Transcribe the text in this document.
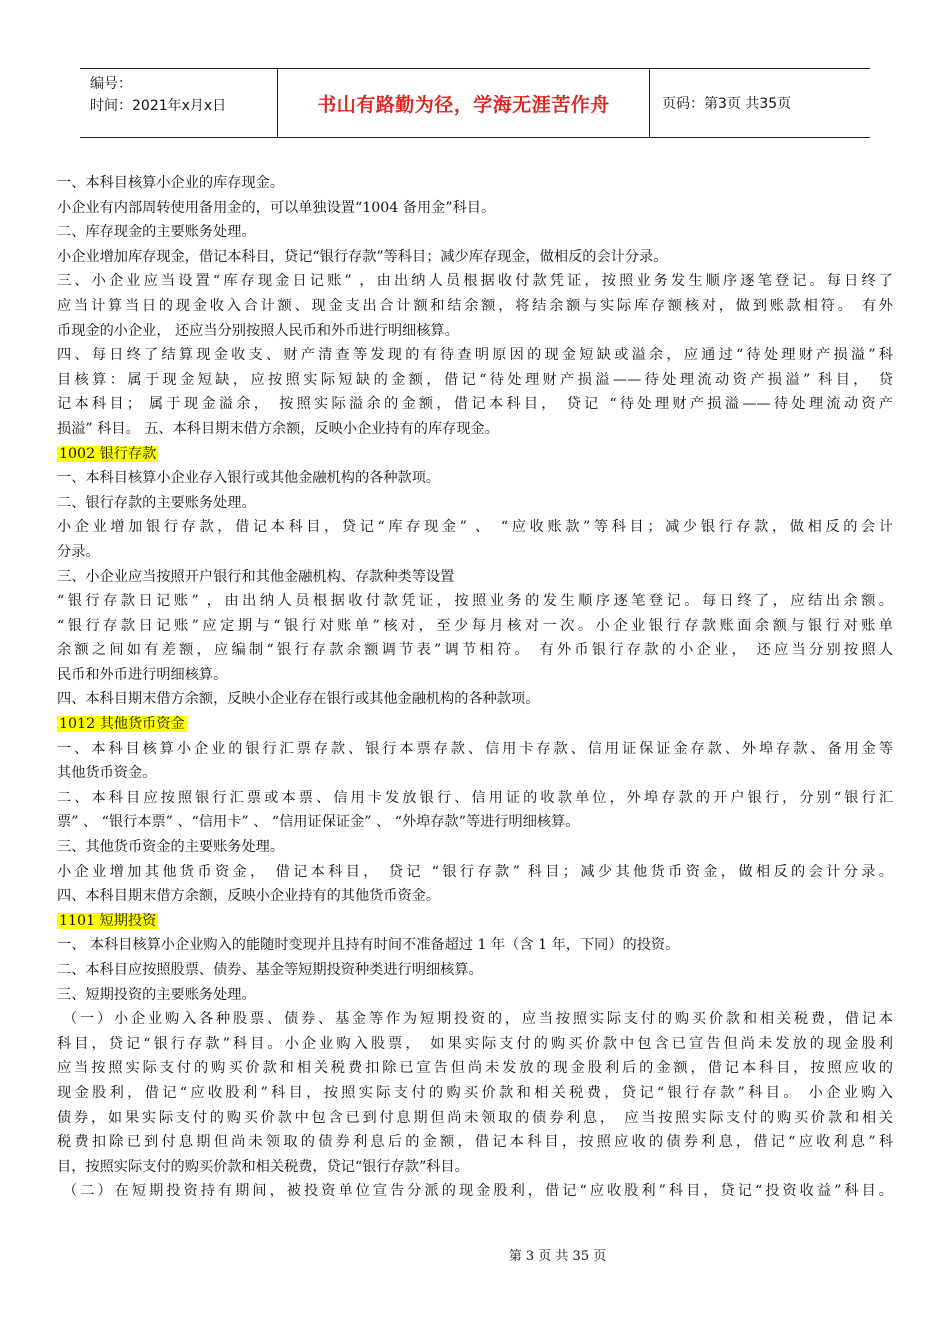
编号：
时间：2021年x月x日	书山有路勤为径，学海无涯苦作舟	页码：第3页 共35页
一、本科目核算小企业的库存现金。
小企业有内部周转使用备用金的，可以单独设置“1004 备用金”科目。
二、库存现金的主要账务处理。
小企业增加库存现金，借记本科目，贷记“银行存款”等科目；减少库存现金，做相反的会计分录。
三、小企业应当设置“库存现金日记账” ，由出纳人员根据收付款凭证，按照业务发生顺序逐笔登记。每日终了
应当计算当日的现金收入合计额、现金支出合计额和结余额，将结余额与实际库存额核对，做到账款相符。 有外
币现金的小企业， 还应当分别按照人民币和外币进行明细核算。
四、每日终了结算现金收支、财产清查等发现的有待查明原因的现金短缺或溢余，应通过“待处理财产损溢”科
目核算：属于现金短缺，应按照实际短缺的金额，借记“待处理财产损溢——待处理流动资产损溢” 科目， 贷
记本科目； 属于现金溢余， 按照实际溢余的金额，借记本科目， 贷记 “待处理财产损溢——待处理流动资产
损溢” 科目。 五、本科目期末借方余额，反映小企业持有的库存现金。
1002 银行存款
一、本科目核算小企业存入银行或其他金融机构的各种款项。
二、银行存款的主要账务处理。
小企业增加银行存款，借记本科目，贷记“库存现金” 、 “应收账款”等科目；减少银行存款，做相反的会计
分录。
三、小企业应当按照开户银行和其他金融机构、存款种类等设置
“银行存款日记账” ，由出纳人员根据收付款凭证，按照业务的发生顺序逐笔登记。每日终了，应结出余额。
“银行存款日记账”应定期与“银行对账单”核对，至少每月核对一次。小企业银行存款账面余额与银行对账单
余额之间如有差额，应编制“银行存款余额调节表”调节相符。 有外币银行存款的小企业， 还应当分别按照人
民币和外币进行明细核算。
四、本科目期末借方余额，反映小企业存在银行或其他金融机构的各种款项。
1012 其他货币资金
一、本科目核算小企业的银行汇票存款、银行本票存款、信用卡存款、信用证保证金存款、外埠存款、备用金等
其他货币资金。
二、本科目应按照银行汇票或本票、信用卡发放银行、信用证的收款单位，外埠存款的开户银行，分别“银行汇
票” 、 “银行本票” 、“信用卡” 、 “信用证保证金” 、 “外埠存款”等进行明细核算。
三、其他货币资金的主要账务处理。
小企业增加其他货币资金， 借记本科目， 贷记 “银行存款” 科目；减少其他货币资金，做相反的会计分录。
四、本科目期末借方余额，反映小企业持有的其他货币资金。
1101 短期投资
一、 本科目核算小企业购入的能随时变现并且持有时间不准备超过 1 年（含 1 年，下同）的投资。
二、本科目应按照股票、债券、基金等短期投资种类进行明细核算。
三、短期投资的主要账务处理。
（一）小企业购入各种股票、债券、基金等作为短期投资的，应当按照实际支付的购买价款和相关税费，借记本
科目，贷记“银行存款”科目。小企业购入股票， 如果实际支付的购买价款中包含已宣告但尚未发放的现金股利
应当按照实际支付的购买价款和相关税费扣除已宣告但尚未发放的现金股利后的金额，借记本科目，按照应收的
现金股利，借记“应收股利”科目，按照实际支付的购买价款和相关税费，贷记“银行存款”科目。 小企业购入
债券，如果实际支付的购买价款中包含已到付息期但尚未领取的债券利息， 应当按照实际支付的购买价款和相关
税费扣除已到付息期但尚未领取的债券利息后的金额，借记本科目，按照应收的债券利息，借记“应收利息”科
目，按照实际支付的购买价款和相关税费，贷记“银行存款”科目。
（二）在短期投资持有期间，被投资单位宣告分派的现金股利，借记“应收股利”科目，贷记“投资收益”科目。
第 3 页 共 35 页
